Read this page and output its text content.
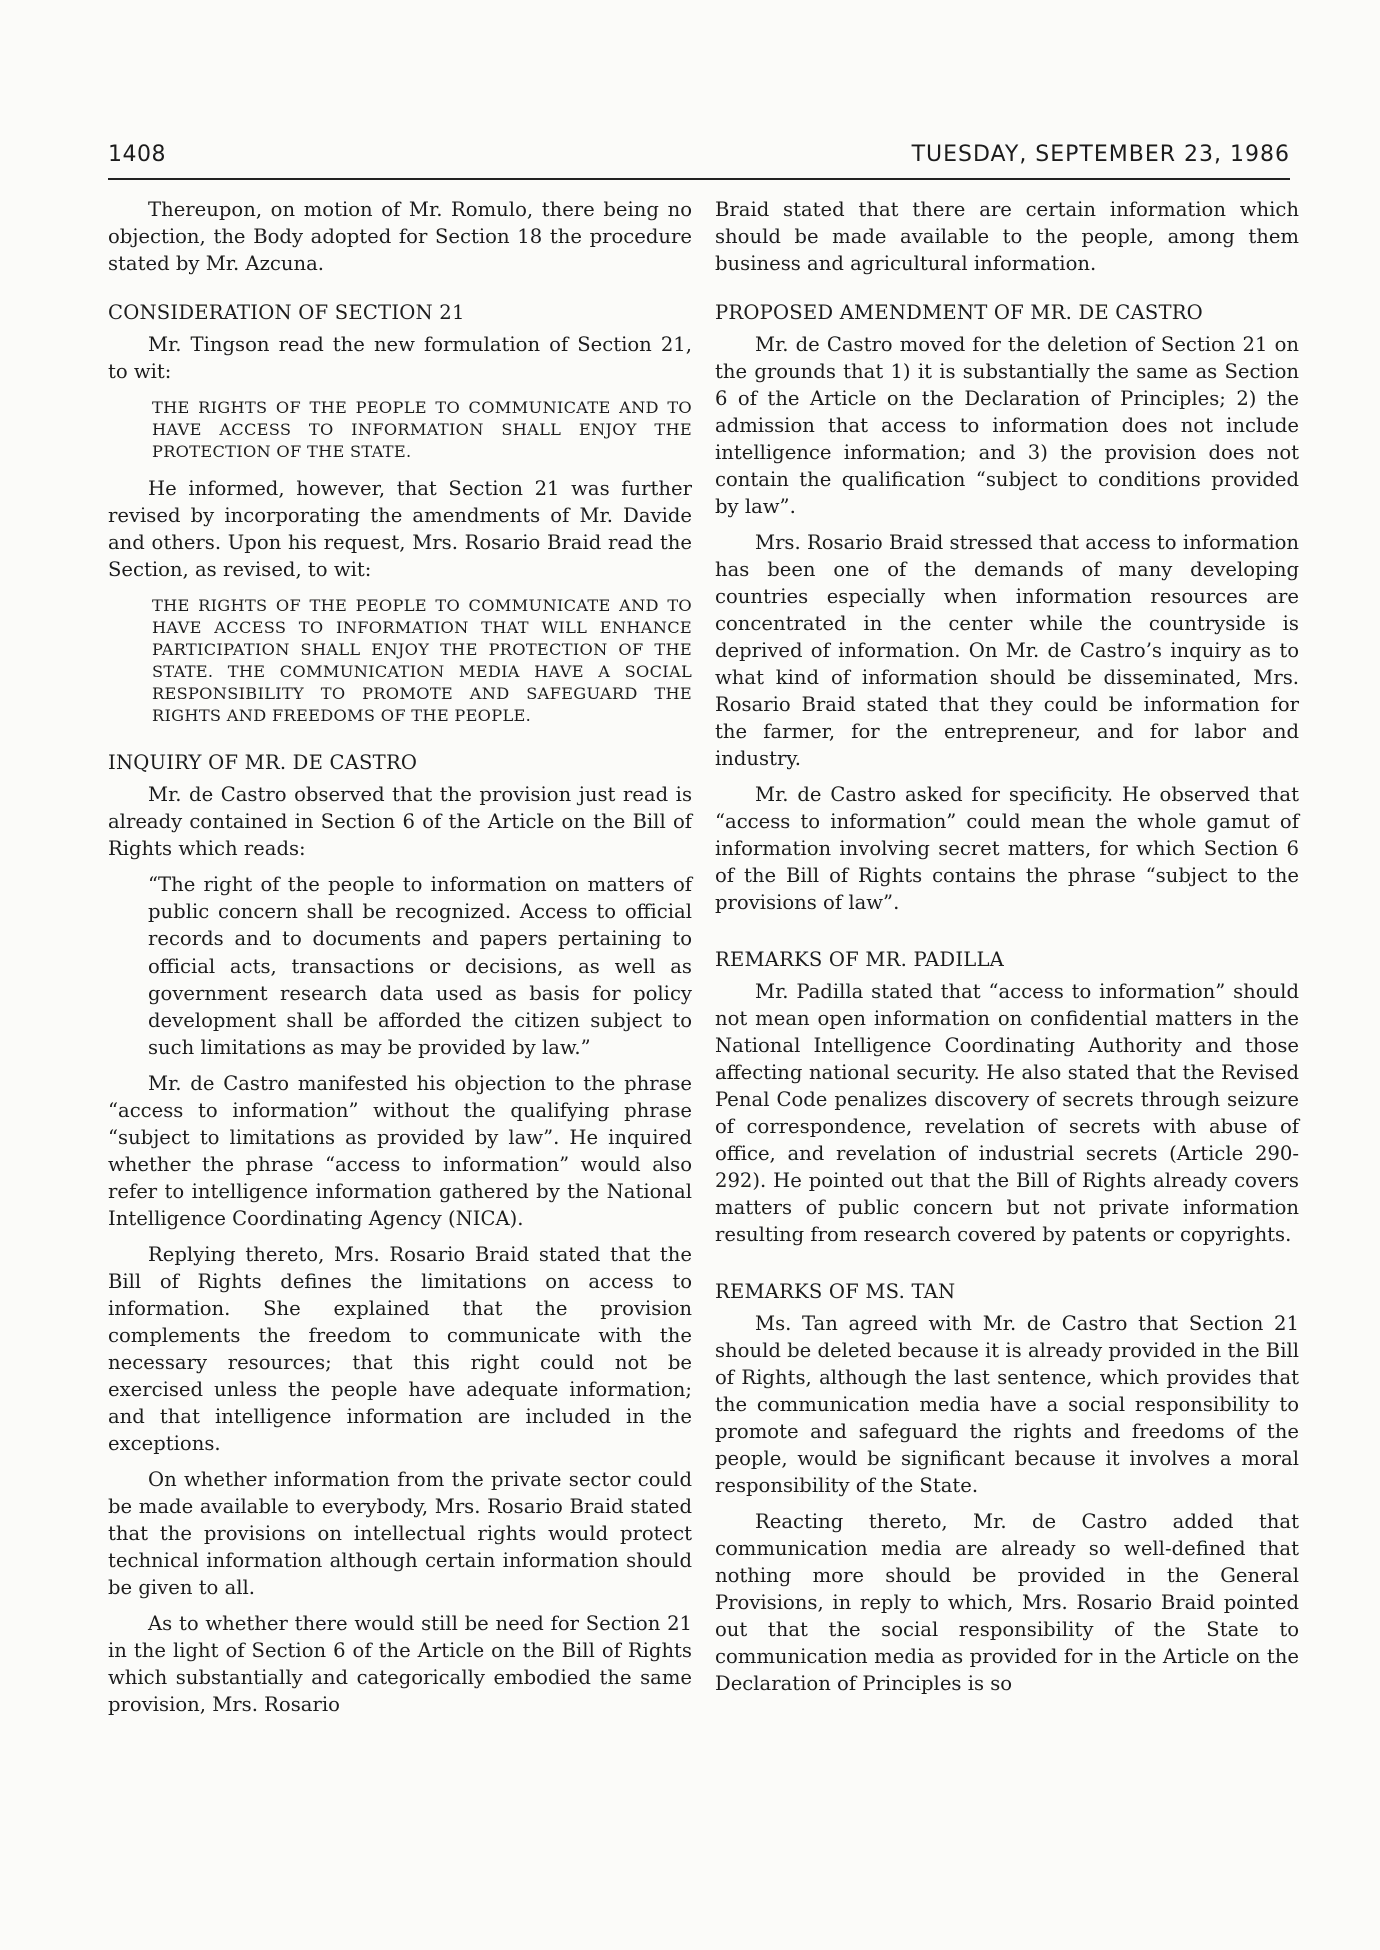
1408	TUESDAY, SEPTEMBER 23, 1986

Thereupon, on motion of Mr. Romulo, there being no objection, the Body adopted for Section 18 the procedure stated by Mr. Azcuna.

CONSIDERATION OF SECTION 21

Mr. Tingson read the new formulation of Section 21, to wit:

THE RIGHTS OF THE PEOPLE TO COMMUNICATE AND TO HAVE ACCESS TO INFORMATION SHALL ENJOY THE PROTECTION OF THE STATE.

He informed, however, that Section 21 was further revised by incorporating the amendments of Mr. Davide and others. Upon his request, Mrs. Rosario Braid read the Section, as revised, to wit:

THE RIGHTS OF THE PEOPLE TO COMMUNICATE AND TO HAVE ACCESS TO INFORMATION THAT WILL ENHANCE PARTICIPATION SHALL ENJOY THE PROTECTION OF THE STATE. THE COMMUNICATION MEDIA HAVE A SOCIAL RESPONSIBILITY TO PROMOTE AND SAFEGUARD THE RIGHTS AND FREEDOMS OF THE PEOPLE.

INQUIRY OF MR. DE CASTRO

Mr. de Castro observed that the provision just read is already contained in Section 6 of the Article on the Bill of Rights which reads:

“The right of the people to information on matters of public concern shall be recognized. Access to official records and to documents and papers pertaining to official acts, transactions or decisions, as well as government research data used as basis for policy development shall be afforded the citizen subject to such limitations as may be provided by law.”

Mr. de Castro manifested his objection to the phrase “access to information” without the qualifying phrase “subject to limitations as provided by law”. He inquired whether the phrase “access to information” would also refer to intelligence information gathered by the National Intelligence Coordinating Agency (NICA).

Replying thereto, Mrs. Rosario Braid stated that the Bill of Rights defines the limitations on access to information. She explained that the provision complements the freedom to communicate with the necessary resources; that this right could not be exercised unless the people have adequate information; and that intelligence information are included in the exceptions.

On whether information from the private sector could be made available to everybody, Mrs. Rosario Braid stated that the provisions on intellectual rights would protect technical information although certain information should be given to all.

As to whether there would still be need for Section 21 in the light of Section 6 of the Article on the Bill of Rights which substantially and categorically embodied the same provision, Mrs. Rosario

Braid stated that there are certain information which should be made available to the people, among them business and agricultural information.

PROPOSED AMENDMENT OF MR. DE CASTRO

Mr. de Castro moved for the deletion of Section 21 on the grounds that 1) it is substantially the same as Section 6 of the Article on the Declaration of Principles; 2) the admission that access to information does not include intelligence information; and 3) the provision does not contain the qualification “subject to conditions provided by law”.

Mrs. Rosario Braid stressed that access to information has been one of the demands of many developing countries especially when information resources are concentrated in the center while the countryside is deprived of information. On Mr. de Castro’s inquiry as to what kind of information should be disseminated, Mrs. Rosario Braid stated that they could be information for the farmer, for the entrepreneur, and for labor and industry.

Mr. de Castro asked for specificity. He observed that “access to information” could mean the whole gamut of information involving secret matters, for which Section 6 of the Bill of Rights contains the phrase “subject to the provisions of law”.

REMARKS OF MR. PADILLA

Mr. Padilla stated that “access to information” should not mean open information on confidential matters in the National Intelligence Coordinating Authority and those affecting national security. He also stated that the Revised Penal Code penalizes discovery of secrets through seizure of correspondence, revelation of secrets with abuse of office, and revelation of industrial secrets (Article 290-292). He pointed out that the Bill of Rights already covers matters of public concern but not private information resulting from research covered by patents or copyrights.

REMARKS OF MS. TAN

Ms. Tan agreed with Mr. de Castro that Section 21 should be deleted because it is already provided in the Bill of Rights, although the last sentence, which provides that the communication media have a social responsibility to promote and safeguard the rights and freedoms of the people, would be significant because it involves a moral responsibility of the State.

Reacting thereto, Mr. de Castro added that communication media are already so well-defined that nothing more should be provided in the General Provisions, in reply to which, Mrs. Rosario Braid pointed out that the social responsibility of the State to communication media as provided for in the Article on the Declaration of Principles is so
